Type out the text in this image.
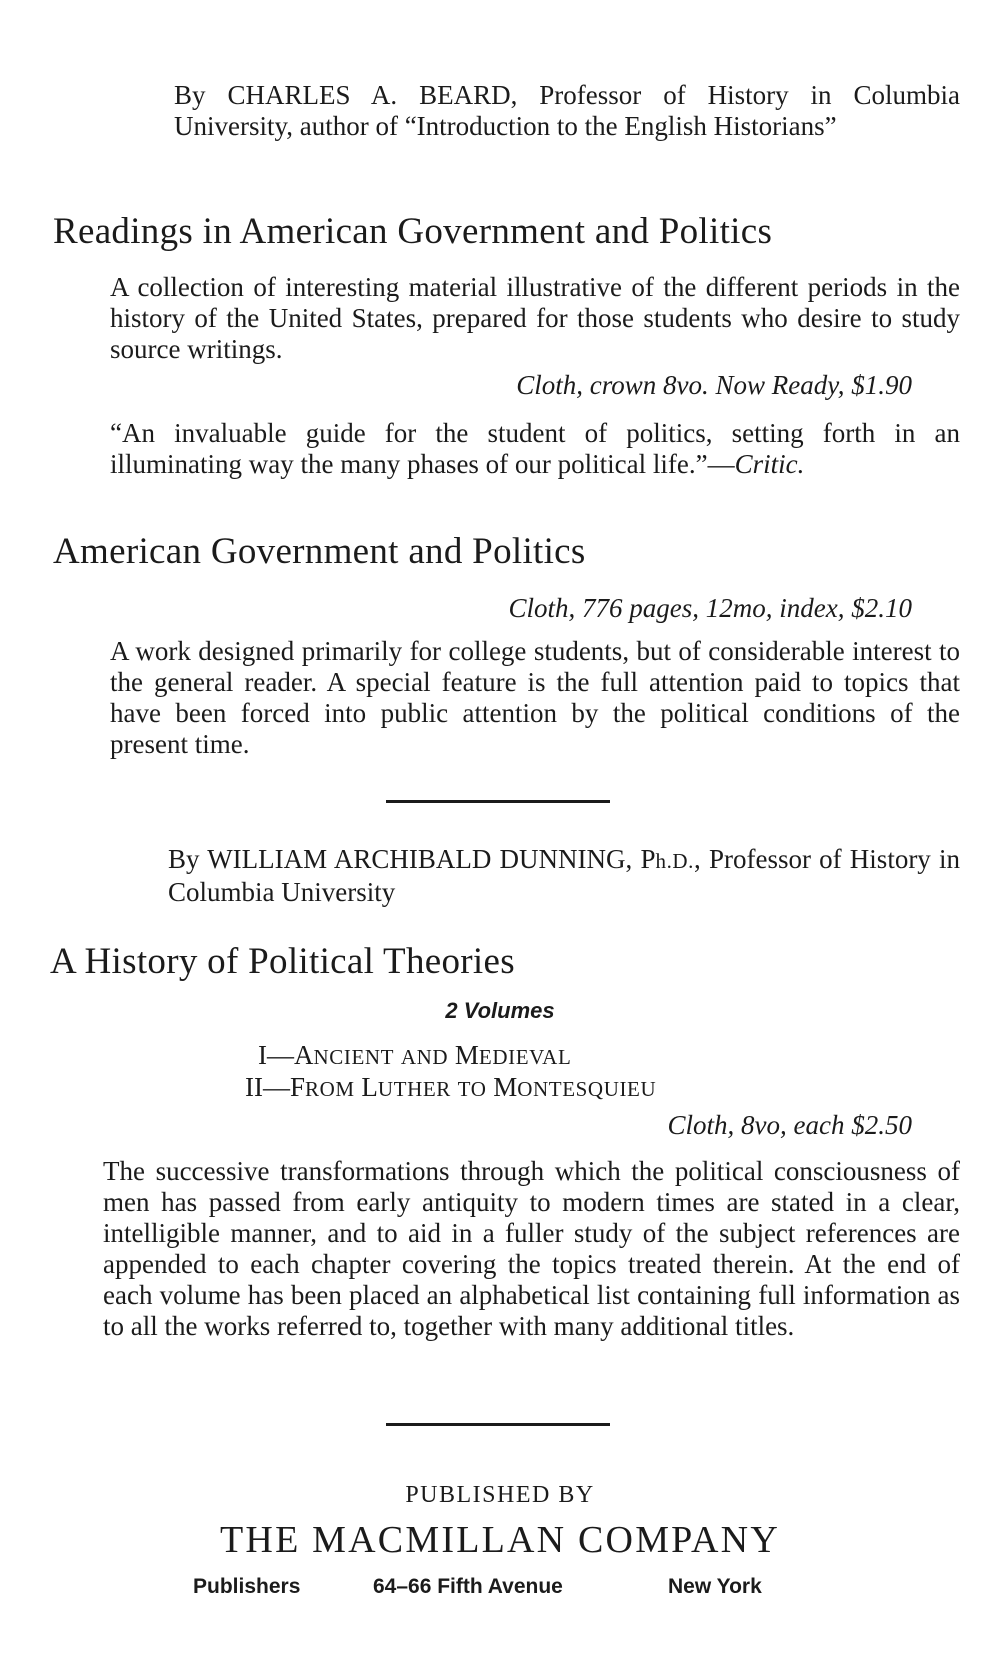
By CHARLES A. BEARD, Professor of History in Columbia University, author of “Introduction to the English Historians”
Readings in American Government and Politics
A collection of interesting material illustrative of the different periods in the history of the United States, prepared for those students who desire to study source writings.
Cloth, crown 8vo. Now Ready, $1.90
“An invaluable guide for the student of politics, setting forth in an illuminating way the many phases of our political life.”—Critic.
American Government and Politics
Cloth, 776 pages, 12mo, index, $2.10
A work designed primarily for college students, but of considerable interest to the general reader. A special feature is the full attention paid to topics that have been forced into public attention by the political conditions of the present time.
By WILLIAM ARCHIBALD DUNNING, Ph.D., Professor of History in Columbia University
A History of Political Theories
2 Volumes
I—ANCIENT AND MEDIEVAL
II—FROM LUTHER TO MONTESQUIEU
Cloth, 8vo, each $2.50
The successive transformations through which the political consciousness of men has passed from early antiquity to modern times are stated in a clear, intelligible manner, and to aid in a fuller study of the subject references are appended to each chapter covering the topics treated therein. At the end of each volume has been placed an alphabetical list containing full information as to all the works referred to, together with many additional titles.
PUBLISHED BY
THE MACMILLAN COMPANY
Publishers	64–66 Fifth Avenue	New York
